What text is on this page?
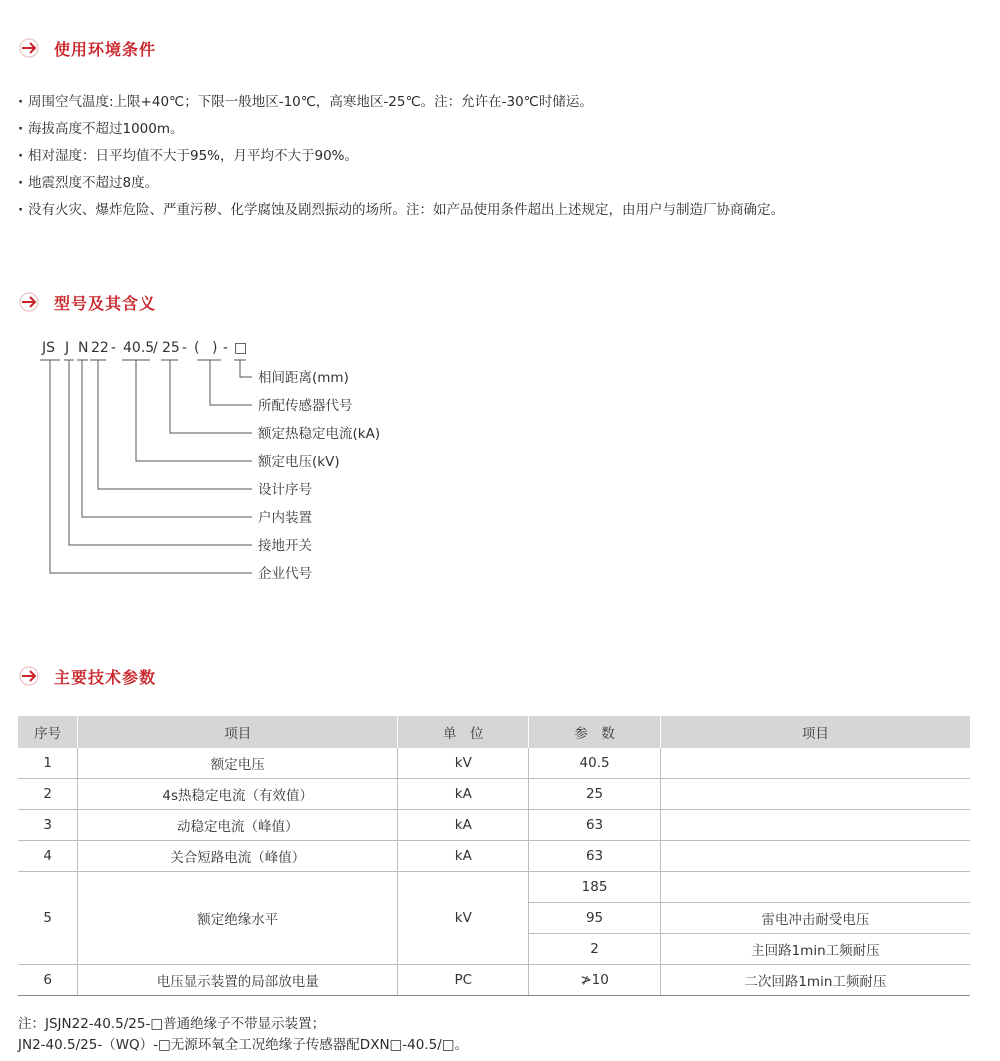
使用环境条件
· 周围空气温度:上限+40℃；下限一般地区-10℃，高寒地区-25℃。注：允许在-30℃时储运。
· 海拔高度不超过1000m。
· 相对湿度：日平均值不大于95%，月平均不大于90%。
· 地震烈度不超过8度。
· 没有火灾、爆炸危险、严重污秽、化学腐蚀及剧烈振动的场所。注：如产品使用条件超出上述规定，由用户与制造厂协商确定。
型号及其含义
JS J N 22 - 40.5
/ 25 - ( ) - □
相间距离(mm)
所配传感器代号
额定热稳定电流(kA)
额定电压(kV)
设计序号
户内装置
接地开关
企业代号
主要技术参数
序号	项目	单　位	参　数	项目
1	额定电压	kV	40.5	
2	4s热稳定电流（有效值）	kA	25	
3	动稳定电流（峰值）	kA	63	
4	关合短路电流（峰值）	kA	63	
	额定绝缘水平	kV	185	
5			95	雷电冲击耐受电压
			2	主回路1min工频耐压
6	电压显示装置的局部放电量	PC	≯10	二次回路1min工频耐压
注：JSJN22-40.5/25-□普通绝缘子不带显示装置；
JN2-40.5/25-（WQ）-□无源环氧全工况绝缘子传感器配DXN□-40.5/□。
